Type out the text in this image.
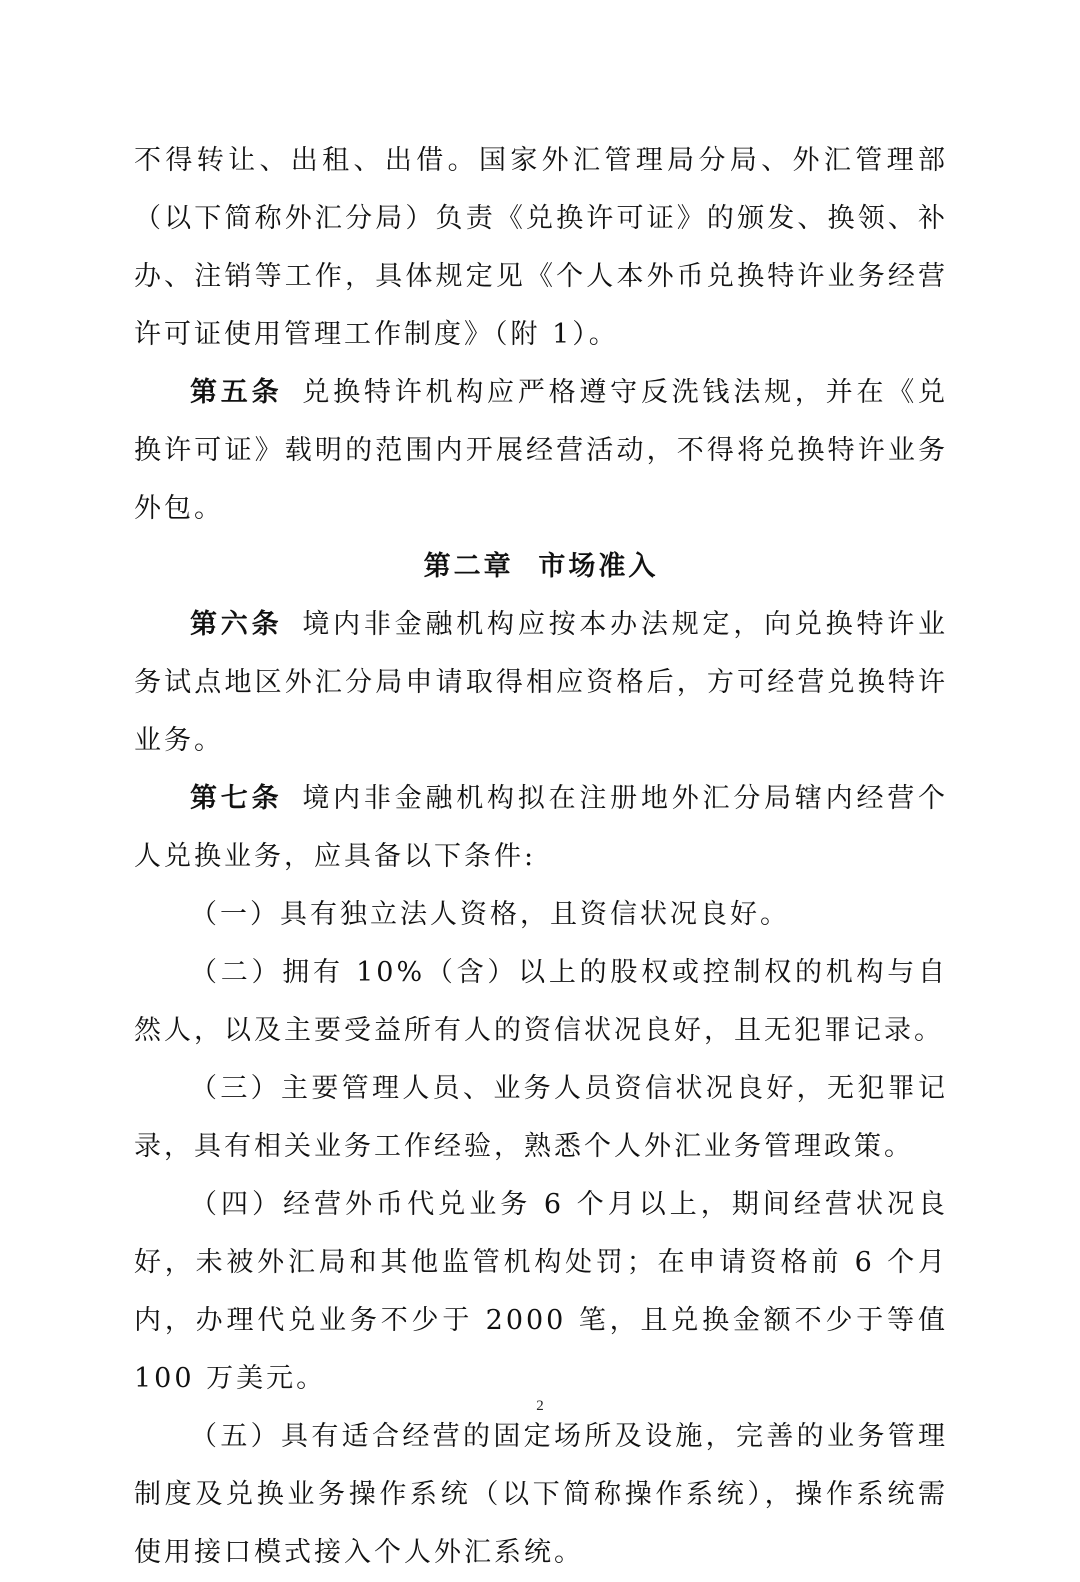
不得转让、出租、出借。国家外汇管理局分局、外汇管理部（以下简称外汇分局）负责《兑换许可证》的颁发、换领、补办、注销等工作，具体规定见《个人本外币兑换特许业务经营许可证使用管理工作制度》（附 1）。

第五条 兑换特许机构应严格遵守反洗钱法规，并在《兑换许可证》载明的范围内开展经营活动，不得将兑换特许业务外包。

第二章  市场准入

第六条 境内非金融机构应按本办法规定，向兑换特许业务试点地区外汇分局申请取得相应资格后，方可经营兑换特许业务。

第七条 境内非金融机构拟在注册地外汇分局辖内经营个人兑换业务，应具备以下条件:

（一）具有独立法人资格，且资信状况良好。

（二）拥有 10%（含）以上的股权或控制权的机构与自然人，以及主要受益所有人的资信状况良好，且无犯罪记录。

（三）主要管理人员、业务人员资信状况良好，无犯罪记录，具有相关业务工作经验，熟悉个人外汇业务管理政策。

（四）经营外币代兑业务 6 个月以上，期间经营状况良好，未被外汇局和其他监管机构处罚；在申请资格前 6 个月内，办理代兑业务不少于 2000 笔，且兑换金额不少于等值 100 万美元。

（五）具有适合经营的固定场所及设施，完善的业务管理制度及兑换业务操作系统（以下简称操作系统），操作系统需使用接口模式接入个人外汇系统。

2
